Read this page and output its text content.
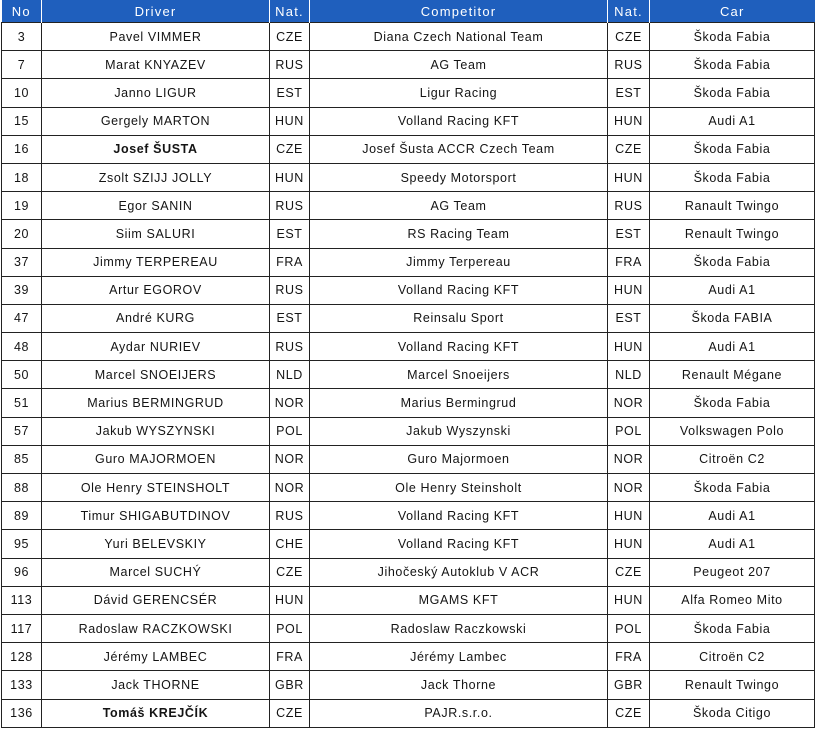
No	Driver	Nat.	Competitor	Nat.	Car
3	Pavel VIMMER	CZE	Diana Czech National Team	CZE	Škoda Fabia
7	Marat KNYAZEV	RUS	AG Team	RUS	Škoda Fabia
10	Janno LIGUR	EST	Ligur Racing	EST	Škoda Fabia
15	Gergely MARTON	HUN	Volland Racing KFT	HUN	Audi A1
16	Josef ŠUSTA	CZE	Josef Šusta ACCR Czech Team	CZE	Škoda Fabia
18	Zsolt SZIJJ JOLLY	HUN	Speedy Motorsport	HUN	Škoda Fabia
19	Egor SANIN	RUS	AG Team	RUS	Ranault Twingo
20	Siim SALURI	EST	RS Racing Team	EST	Renault Twingo
37	Jimmy TERPEREAU	FRA	Jimmy Terpereau	FRA	Škoda Fabia
39	Artur EGOROV	RUS	Volland Racing KFT	HUN	Audi A1
47	André KURG	EST	Reinsalu Sport	EST	Škoda FABIA
48	Aydar NURIEV	RUS	Volland Racing KFT	HUN	Audi A1
50	Marcel SNOEIJERS	NLD	Marcel Snoeijers	NLD	Renault Mégane
51	Marius BERMINGRUD	NOR	Marius Bermingrud	NOR	Škoda Fabia
57	Jakub WYSZYNSKI	POL	Jakub Wyszynski	POL	Volkswagen Polo
85	Guro MAJORMOEN	NOR	Guro Majormoen	NOR	Citroën C2
88	Ole Henry STEINSHOLT	NOR	Ole Henry Steinsholt	NOR	Škoda Fabia
89	Timur SHIGABUTDINOV	RUS	Volland Racing KFT	HUN	Audi A1
95	Yuri BELEVSKIY	CHE	Volland Racing KFT	HUN	Audi A1
96	Marcel SUCHÝ	CZE	Jihočeský Autoklub V ACR	CZE	Peugeot 207
113	Dávid GERENCSÉR	HUN	MGAMS KFT	HUN	Alfa Romeo Mito
117	Radoslaw RACZKOWSKI	POL	Radoslaw Raczkowski	POL	Škoda Fabia
128	Jérémy LAMBEC	FRA	Jérémy Lambec	FRA	Citroën C2
133	Jack THORNE	GBR	Jack Thorne	GBR	Renault Twingo
136	Tomáš KREJČÍK	CZE	PAJR.s.r.o.	CZE	Škoda Citigo
